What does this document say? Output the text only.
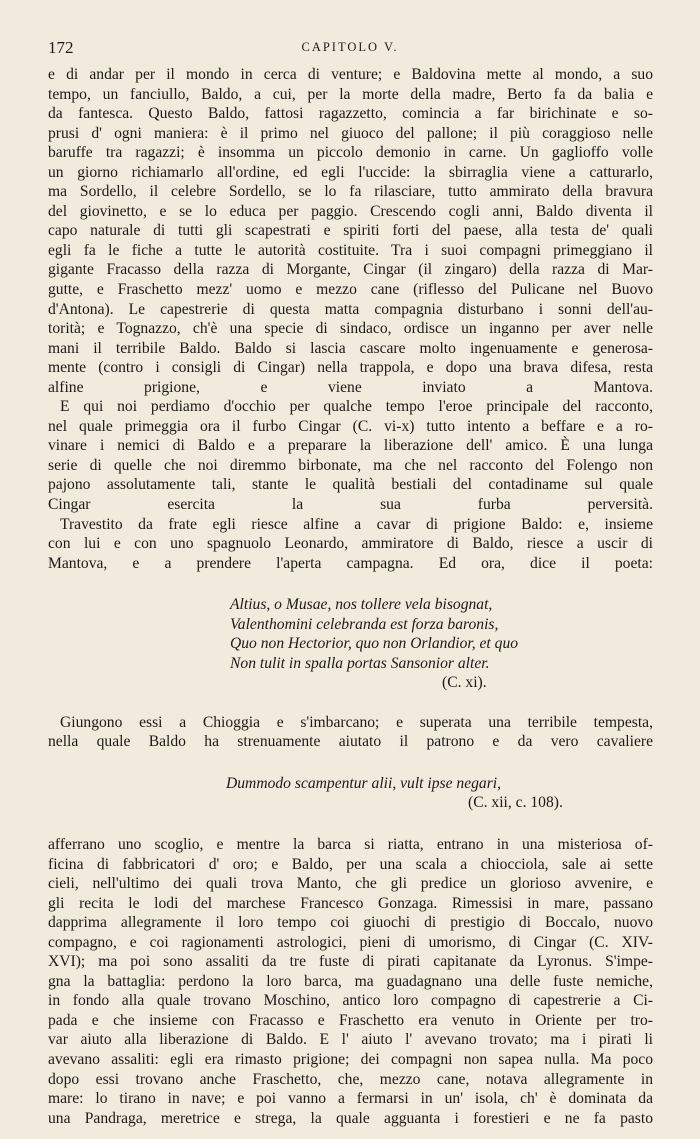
172	CAPITOLO V.

e di andar per il mondo in cerca di venture; e Baldovina mette al mondo, a suo
tempo, un fanciullo, Baldo, a cui, per la morte della madre, Berto fa da balia e
da fantesca. Questo Baldo, fattosi ragazzetto, comincia a far birichinate e so-
prusi d' ogni maniera: è il primo nel giuoco del pallone; il più coraggioso nelle
baruffe tra ragazzi; è insomma un piccolo demonio in carne. Un gaglioffo volle
un giorno richiamarlo all'ordine, ed egli l'uccide: la sbirraglia viene a catturarlo,
ma Sordello, il celebre Sordello, se lo fa rilasciare, tutto ammirato della bravura
del giovinetto, e se lo educa per paggio. Crescendo cogli anni, Baldo diventa il
capo naturale di tutti gli scapestrati e spiriti forti del paese, alla testa de' quali
egli fa le fiche a tutte le autorità costituite. Tra i suoi compagni primeggiano il
gigante Fracasso della razza di Morgante, Cingar (il zingaro) della razza di Mar-
gutte, e Fraschetto mezz' uomo e mezzo cane (riflesso del Pulicane nel Buovo
d'Antona). Le capestrerie di questa matta compagnia disturbano i sonni dell'au-
torità; e Tognazzo, ch'è una specie di sindaco, ordisce un inganno per aver nelle
mani il terribile Baldo. Baldo si lascia cascare molto ingenuamente e generosa-
mente (contro i consigli di Cingar) nella trappola, e dopo una brava difesa, resta
alfine prigione, e viene inviato a Mantova.

E qui noi perdiamo d'occhio per qualche tempo l'eroe principale del racconto,
nel quale primeggia ora il furbo Cingar (C. vi-x) tutto intento a beffare e a ro-
vinare i nemici di Baldo e a preparare la liberazione dell' amico. È una lunga
serie di quelle che noi diremmo birbonate, ma che nel racconto del Folengo non
pajono assolutamente tali, stante le qualità bestiali del contadiname sul quale
Cingar esercita la sua furba perversità.

Travestito da frate egli riesce alfine a cavar di prigione Baldo: e, insieme
con lui e con uno spagnuolo Leonardo, ammiratore di Baldo, riesce a uscir di
Mantova, e a prendere l'aperta campagna. Ed ora, dice il poeta:

Altius, o Musae, nos tollere vela bisognat,
Valenthomini celebranda est forza baronis,
Quo non Hectorior, quo non Orlandior, et quo
Non tulit in spalla portas Sansonior alter.

(C. xi).

Giungono essi a Chioggia e s'imbarcano; e superata una terribile tempesta,
nella quale Baldo ha strenuamente aiutato il patrono e da vero cavaliere

Dummodo scampentur alii, vult ipse negari,

(C. xii, c. 108).

afferrano uno scoglio, e mentre la barca si riatta, entrano in una misteriosa of-
ficina di fabbricatori d' oro; e Baldo, per una scala a chiocciola, sale ai sette
cieli, nell'ultimo dei quali trova Manto, che gli predice un glorioso avvenire, e
gli recita le lodi del marchese Francesco Gonzaga. Rimessisi in mare, passano
dapprima allegramente il loro tempo coi giuochi di prestigio di Boccalo, nuovo
compagno, e coi ragionamenti astrologici, pieni di umorismo, di Cingar (C. XIV-
XVI); ma poi sono assaliti da tre fuste di pirati capitanate da Lyronus. S'impe-
gna la battaglia: perdono la loro barca, ma guadagnano una delle fuste nemiche,
in fondo alla quale trovano Moschino, antico loro compagno di capestrerie a Ci-
pada e che insieme con Fracasso e Fraschetto era venuto in Oriente per tro-
var aiuto alla liberazione di Baldo. E l' aiuto l' avevano trovato; ma i pirati li
avevano assaliti: egli era rimasto prigione; dei compagni non sapea nulla. Ma poco
dopo essi trovano anche Fraschetto, che, mezzo cane, notava allegramente in
mare: lo tirano in nave; e poi vanno a fermarsi in un' isola, ch' è dominata da
una Pandraga, meretrice e strega, la quale agguanta i forestieri e ne fa pasto
